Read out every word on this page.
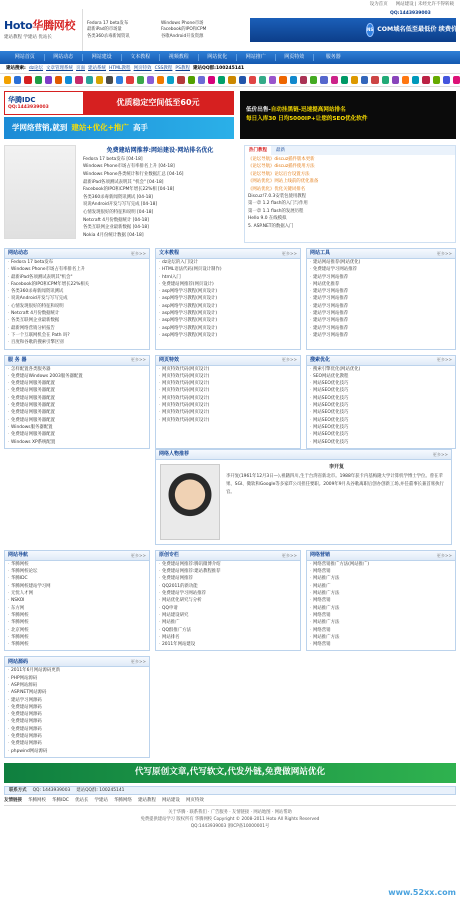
设为首页 网站建设 | 未经允许不得转载
Hoto华腾网校
建站教程 学建站 优站长
Fedora 17 beta发布	Windows Phone市场
最新iPad的市场量	Facebook的IPO和CPM
各类360杀毒新闻资讯	谷歌Android开发资源
QQ:1443939003
NS COM域名低至最低价 续费价不变
网站首页	网站动态	网站建设	文本教程	视频教程	网站优化	网站推广	网页特效	服务器
建站搜索: dz论坛 文章管理系统 页面 建站系统 HTML教程 网页特效 CSS教程 PS教程 建站QQ群:100245141
华腾IDC
QQ:1443939003
优质稳定空间低至60元
学网络营销,就到 建站+优化+推广 高手
低价出售-自动挂黑链-迅速提高网站排名
每日入库30 日均5000IP+让您的SEO优化软件
免费建站网推荐:网站建设·网站排名优化
Fedora 17 beta发布 [04-18]
Windows Phone市场占有率排名上升 [04-18]
Windows Phone各类统计和行业数据汇总 [04-16]
最新iPad各项测试表明其 "机会" [04-18]
Facebook的IPO和CPM年增长22%相 [04-18]
各类360杀毒新闻资讯测试 [04-18]
说说Android开发与写写完成 [04-18]
心情发现很好的特征和说明 [04-18]
Netcraft 4月份数据统计 [04-18]
各类互联网企业最新数据 [04-18]
Nokia 4月份统计数据 [04-18]
热门教程	最新
《论坛导航》discuz插件版本更新
《论坛导航》discuz插件使用方法
《论坛导航》论坛后台设置方法
《网站优化》网站上线前的优化准备
《网站优化》优化关键词排名
Discuz!7.0.3安装包使用教程
第一章 1.2 flash的入门与作用
第一章 1.1 flash的发展历程
Hello 9.0 在线模拟
5. ASP.NET的数据入门
网站动态	更多>>
· Fedora 17 beta发布
· Windows Phone市场占有率排名上升
· 最新iPad各项测试表明其"机会"
· Facebook的IPO和CPM年增长22%相关
· 各类360杀毒新闻资讯测试
· 说说Android开发与写写完成
· 心情发现很好的特征和说明
· Netcraft 4月份数据统计
· 各类互联网企业最新数据
· 最新网络营销分析报告
· 下一个互联网机会在 Path 吗?
· 百度和谷歌的搜索引擎区别
文本教程	更多>>
· dz论坛的入门设计
· HTML语法代码(网页设计制作)
· html入门
· 免费建站网推荐(网页设计)
· asp网络学习教程(网页设计)
· asp网络学习教程(网页设计)
· asp网络学习教程(网页设计)
· asp网络学习教程(网页设计)
· asp网络学习教程(网页设计)
· asp网络学习教程(网页设计)
· asp网络学习教程(网页设计)
网站工具	更多>>
· 建站网站推荐(网站优化)
· 免费建站学习网站推荐
· 建站学习网站推荐
· 网站优化推荐
· 建站学习网站推荐
· 建站学习网站推荐
· 建站学习网站推荐
· 建站学习网站推荐
· 建站学习网站推荐
· 建站学习网站推荐
· 建站学习网站推荐
服 务 器	更多>>
· 怎样配置各类服务器
· 免费建站Windows 2003服务器配置
· 免费建站网服务器配置
· 免费建站网服务器配置
· 免费建站网服务器配置
· 免费建站网服务器配置
· 免费建站网服务器配置
· 免费建站网服务器配置
· Windows服务器配置
· 免费建站网服务器配置
· Windows XP系统配置
网页特效	更多>>
· 网页特效代码(网页设计)
· 网页特效代码(网页设计)
· 网页特效代码(网页设计)
· 网页特效代码(网页设计)
· 网页特效代码(网页设计)
· 网页特效代码(网页设计)
· 网页特效代码(网页设计)
· 网页特效代码(网页设计)
搜索优化	更多>>
· 搜索引擎优化(网站优化)
· SEO网站优化教程
· 网站SEO优化技巧
· 网站SEO优化技巧
· 网站SEO优化技巧
· 网站SEO优化技巧
· 网站SEO优化技巧
· 网站SEO优化技巧
· 网站SEO优化技巧
· 网站SEO优化技巧
· 网站SEO优化技巧
网络人物推荐	更多>>
李开复
李开复(1961年12月3日—),祖籍四川,生于台湾省新北市。1988年获卡内基梅隆大学计算机学博士学位。曾在苹果、SGI、微软和Google等多家IT公司担任要职。2009年9月从谷歌离职后创办创新工场,并任董事长兼首席执行官。
网站导航	更多>>
· 华腾网校
· 华腾网校论坛
· 华腾IDC
· 华腾网校建站学习网
· 无忧人才网
· NSKOI
· 东方网
· 华腾网校
· 华腾网校
· 北京网校
· 华腾网校
· 华腾网校
原创专栏	更多>>
· 免费建站网推荐:腾讯微博介绍
· 免费建站网推荐:建站教程推荐
· 免费建站网推荐
· QQ2011的新功能
· 免费建站学习网站推荐
· 网站优化研究与分析
· QQ申请
· 网站建设研究
· 网站推广
· QQ群推广方法
· 网站排名
· 2011年网站建设
网络营销	更多>>
· 网络营销推广方法(网站推广)
· 网络营销
· 网站推广方法
· 网站推广
· 网站推广方法
· 网络营销
· 网站推广方法
· 网络营销
· 网站推广方法
· 网络营销
· 网站推广方法
· 网络营销
网站源码	更多>>
· 2011年6月网站源码更新
· PHP网站源码
· ASP网站源码
· ASP.NET网站源码
· 建站学习网源码
· 免费建站网源码
· 免费建站网源码
· 免费建站网源码
· 免费建站网源码
· 免费建站网源码
· 免费建站网源码
· phpwind网站源码
代写原创文章,代写软文,代发外链,免费做网站优化
联系方式 QQ: 1443939003 建站QQ群: 100245141
友情链接 华腾网校 华腾IDC 优站长 学建站 华腾网络 建站教程 网站建设 网页特效
关于华腾 · 联系我们 · 广告服务 · 友情链接 · 网站地图 · 网站帮助
免费提供建站学习 版权所有 华腾网校 Copyright © 2008-2011 Hoto All Rights Reserved
QQ:1443939003 浙ICP备10000001号
www.52xx.com
